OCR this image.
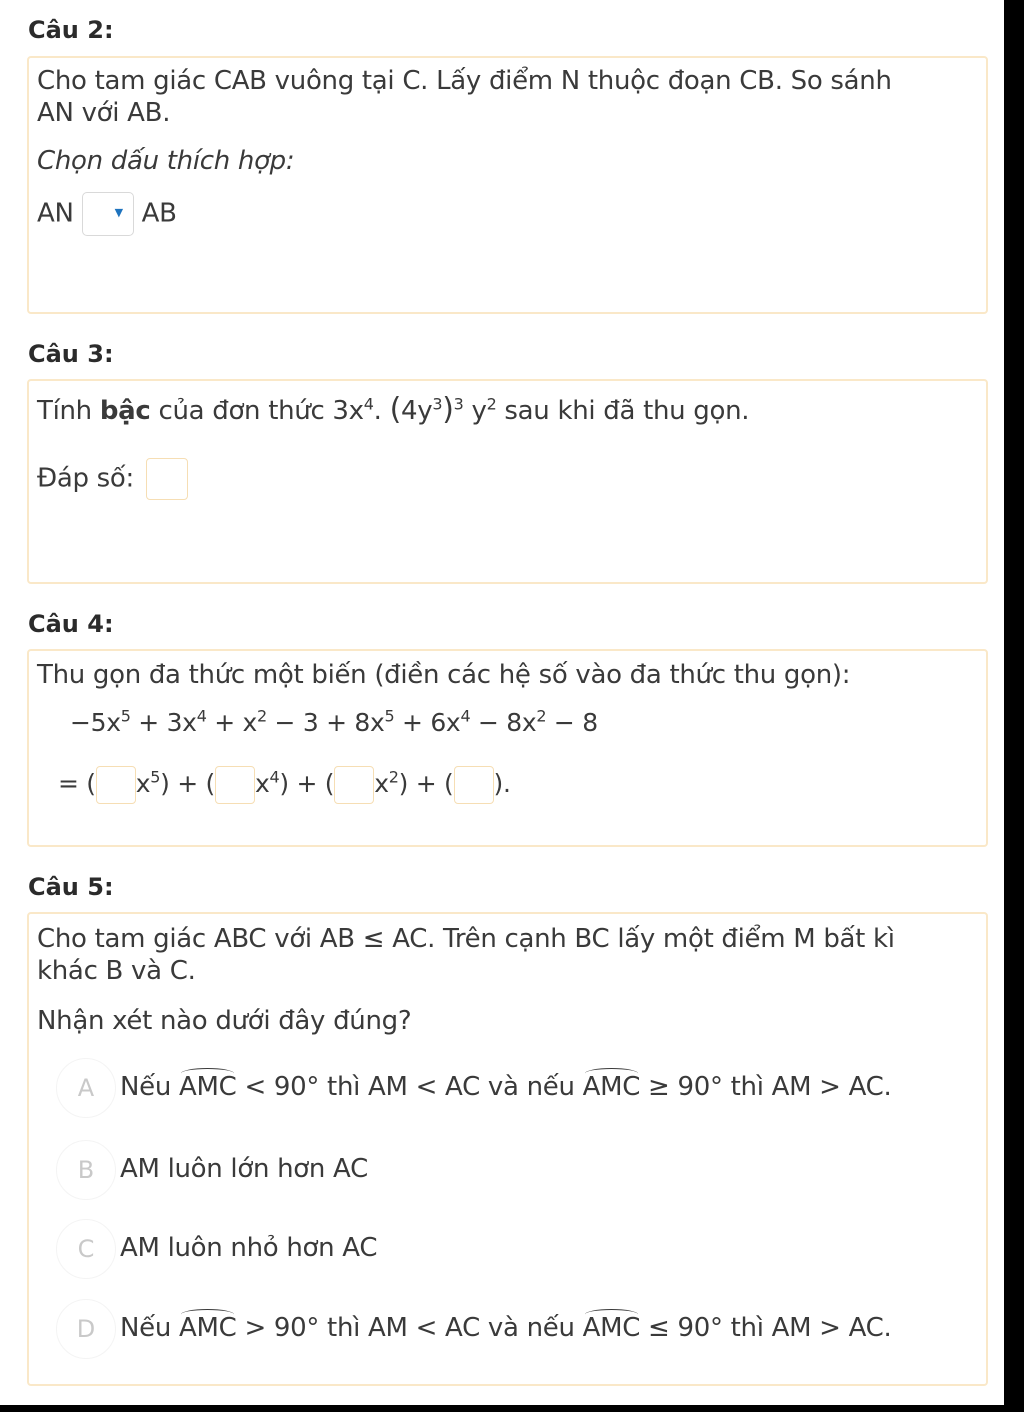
Câu 2:
Cho tam giác CAB vuông tại C. Lấy điểm N thuộc đoạn CB. So sánh
AN với AB.
Chọn dấu thích hợp:
AN	▼ AB
Câu 3:
Tính bậc của đơn thức $3x^4$. $(4y^3)^3$ $y^2$ sau khi đã thu gọn.
Đáp số:
Câu 4:
Thu gọn đa thức một biến (điền các hệ số vào đa thức thu gọn):
$-5x^5 + 3x^4 + x^2 - 3 + 8x^5 + 6x^4 - 8x^2 - 8$
= ( $x^5$) + ( $x^4$) + ( $x^2$) + ( ).
Câu 5:
Cho tam giác ABC với AB ≤ AC. Trên cạnh BC lấy một điểm M bất kì
khác B và C.
Nhận xét nào dưới đây đúng?
A Nếu AMC < 90° thì AM < AC và nếu AMC ≥ 90° thì AM > AC.
B AM luôn lớn hơn AC
C AM luôn nhỏ hơn AC
D Nếu AMC > 90° thì AM < AC và nếu AMC ≤ 90° thì AM > AC.
